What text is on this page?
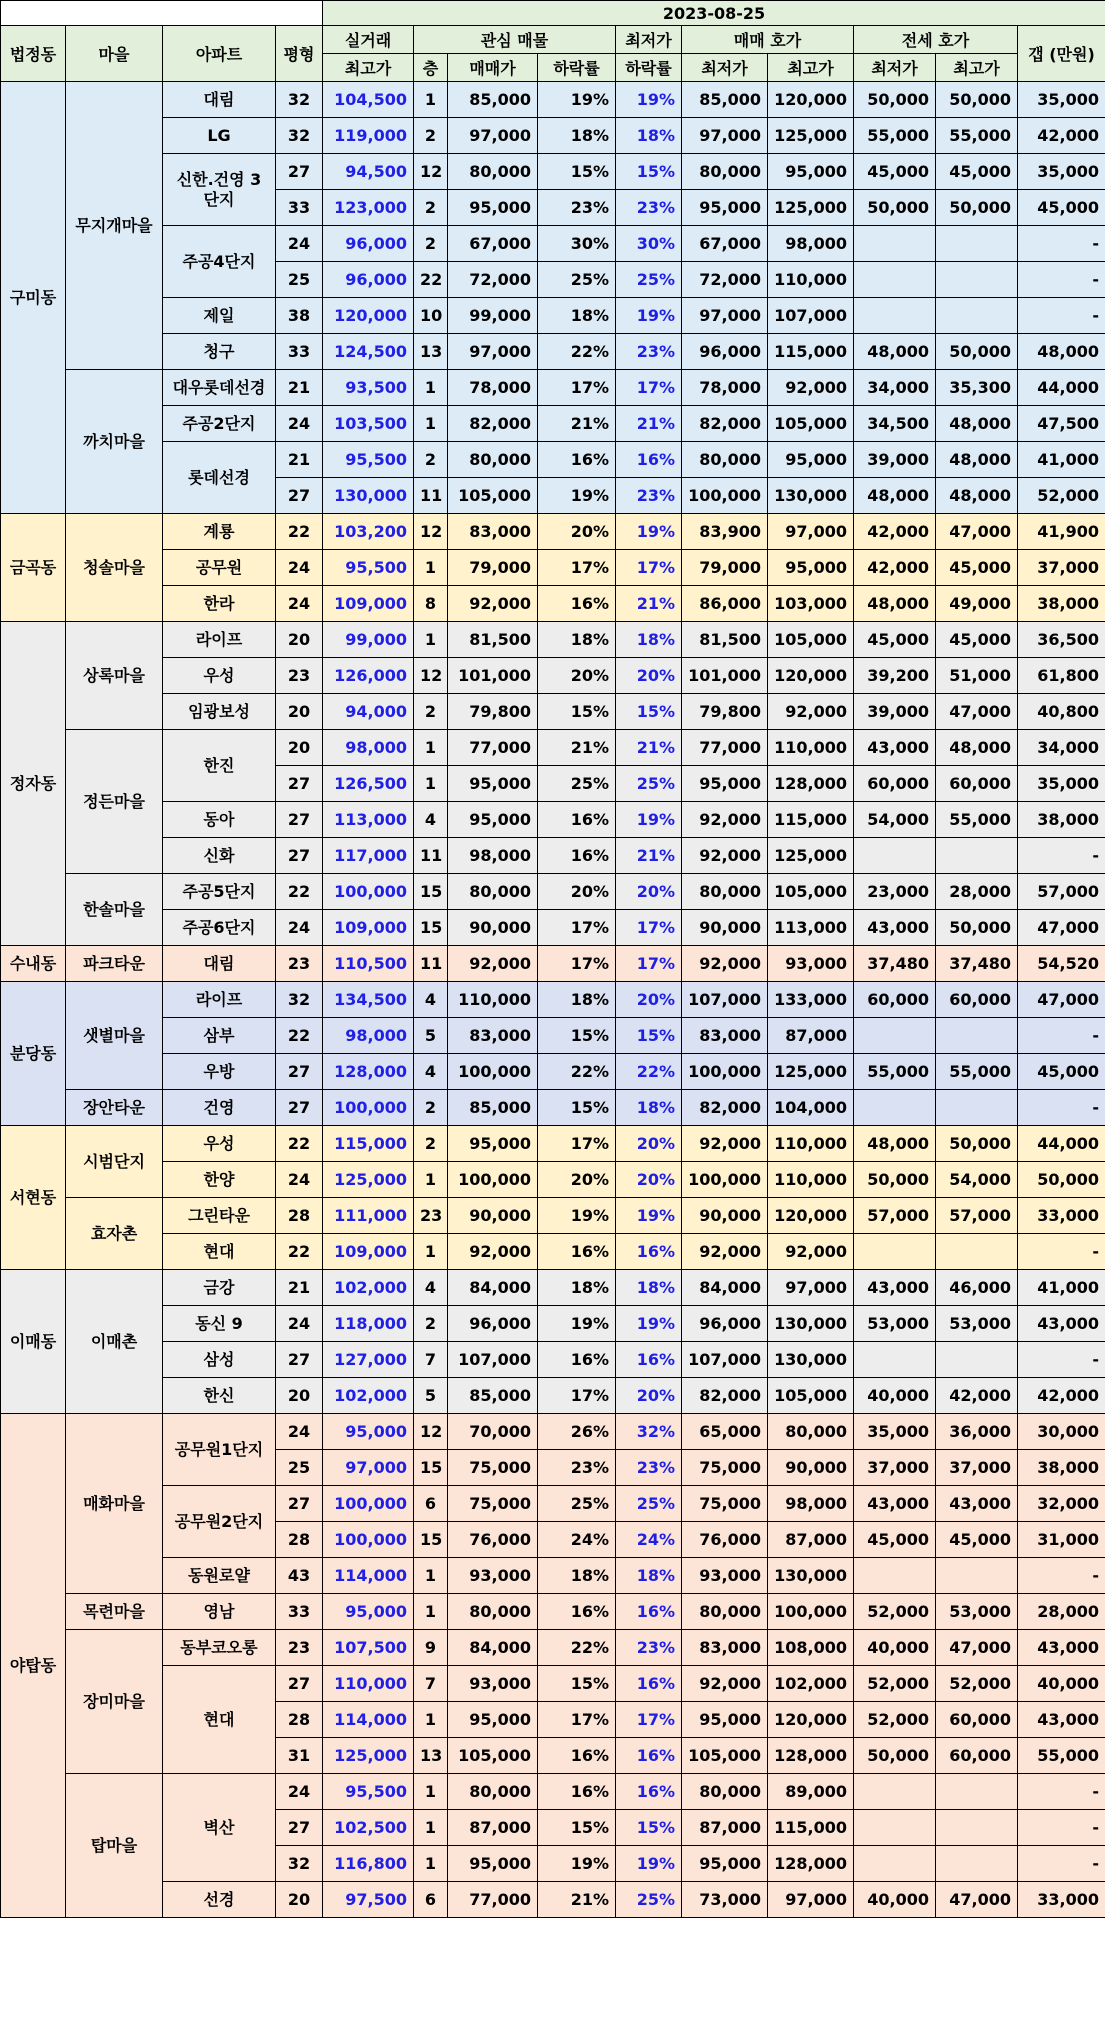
				2023-08-25									
법정동	마을	아파트	평형	실거래	관심 매물			최저가	매매 호가		전세 호가		갭 (만원)
				최고가	층	매매가	하락률	하락률	최저가	최고가	최저가	최고가	
구미동	무지개마을	대림	32	104,500	1	85,000	19%	19%	85,000	120,000	50,000	50,000	35,000
		LG	32	119,000	2	97,000	18%	18%	97,000	125,000	55,000	55,000	42,000
		신한.건영 3단지	27	94,500	12	80,000	15%	15%	80,000	95,000	45,000	45,000	35,000
			33	123,000	2	95,000	23%	23%	95,000	125,000	50,000	50,000	45,000
		주공4단지	24	96,000	2	67,000	30%	30%	67,000	98,000			-
			25	96,000	22	72,000	25%	25%	72,000	110,000			-
		제일	38	120,000	10	99,000	18%	19%	97,000	107,000			-
		청구	33	124,500	13	97,000	22%	23%	96,000	115,000	48,000	50,000	48,000
	까치마을	대우롯데선경	21	93,500	1	78,000	17%	17%	78,000	92,000	34,000	35,300	44,000
		주공2단지	24	103,500	1	82,000	21%	21%	82,000	105,000	34,500	48,000	47,500
		롯데선경	21	95,500	2	80,000	16%	16%	80,000	95,000	39,000	48,000	41,000
			27	130,000	11	105,000	19%	23%	100,000	130,000	48,000	48,000	52,000
금곡동	청솔마을	계룡	22	103,200	12	83,000	20%	19%	83,900	97,000	42,000	47,000	41,900
		공무원	24	95,500	1	79,000	17%	17%	79,000	95,000	42,000	45,000	37,000
		한라	24	109,000	8	92,000	16%	21%	86,000	103,000	48,000	49,000	38,000
정자동	상록마을	라이프	20	99,000	1	81,500	18%	18%	81,500	105,000	45,000	45,000	36,500
		우성	23	126,000	12	101,000	20%	20%	101,000	120,000	39,200	51,000	61,800
		임광보성	20	94,000	2	79,800	15%	15%	79,800	92,000	39,000	47,000	40,800
	정든마을	한진	20	98,000	1	77,000	21%	21%	77,000	110,000	43,000	48,000	34,000
			27	126,500	1	95,000	25%	25%	95,000	128,000	60,000	60,000	35,000
		동아	27	113,000	4	95,000	16%	19%	92,000	115,000	54,000	55,000	38,000
		신화	27	117,000	11	98,000	16%	21%	92,000	125,000			-
	한솔마을	주공5단지	22	100,000	15	80,000	20%	20%	80,000	105,000	23,000	28,000	57,000
		주공6단지	24	109,000	15	90,000	17%	17%	90,000	113,000	43,000	50,000	47,000
수내동	파크타운	대림	23	110,500	11	92,000	17%	17%	92,000	93,000	37,480	37,480	54,520
분당동	샛별마을	라이프	32	134,500	4	110,000	18%	20%	107,000	133,000	60,000	60,000	47,000
		삼부	22	98,000	5	83,000	15%	15%	83,000	87,000			-
		우방	27	128,000	4	100,000	22%	22%	100,000	125,000	55,000	55,000	45,000
	장안타운	건영	27	100,000	2	85,000	15%	18%	82,000	104,000			-
서현동	시범단지	우성	22	115,000	2	95,000	17%	20%	92,000	110,000	48,000	50,000	44,000
		한양	24	125,000	1	100,000	20%	20%	100,000	110,000	50,000	54,000	50,000
	효자촌	그린타운	28	111,000	23	90,000	19%	19%	90,000	120,000	57,000	57,000	33,000
		현대	22	109,000	1	92,000	16%	16%	92,000	92,000			-
이매동	이매촌	금강	21	102,000	4	84,000	18%	18%	84,000	97,000	43,000	46,000	41,000
		동신 9	24	118,000	2	96,000	19%	19%	96,000	130,000	53,000	53,000	43,000
		삼성	27	127,000	7	107,000	16%	16%	107,000	130,000			-
		한신	20	102,000	5	85,000	17%	20%	82,000	105,000	40,000	42,000	42,000
야탑동	매화마을	공무원1단지	24	95,000	12	70,000	26%	32%	65,000	80,000	35,000	36,000	30,000
			25	97,000	15	75,000	23%	23%	75,000	90,000	37,000	37,000	38,000
		공무원2단지	27	100,000	6	75,000	25%	25%	75,000	98,000	43,000	43,000	32,000
			28	100,000	15	76,000	24%	24%	76,000	87,000	45,000	45,000	31,000
		동원로얄	43	114,000	1	93,000	18%	18%	93,000	130,000			-
	목련마을	영남	33	95,000	1	80,000	16%	16%	80,000	100,000	52,000	53,000	28,000
	장미마을	동부코오롱	23	107,500	9	84,000	22%	23%	83,000	108,000	40,000	47,000	43,000
		현대	27	110,000	7	93,000	15%	16%	92,000	102,000	52,000	52,000	40,000
			28	114,000	1	95,000	17%	17%	95,000	120,000	52,000	60,000	43,000
			31	125,000	13	105,000	16%	16%	105,000	128,000	50,000	60,000	55,000
	탑마을	벽산	24	95,500	1	80,000	16%	16%	80,000	89,000			-
			27	102,500	1	87,000	15%	15%	87,000	115,000			-
			32	116,800	1	95,000	19%	19%	95,000	128,000			-
		선경	20	97,500	6	77,000	21%	25%	73,000	97,000	40,000	47,000	33,000
